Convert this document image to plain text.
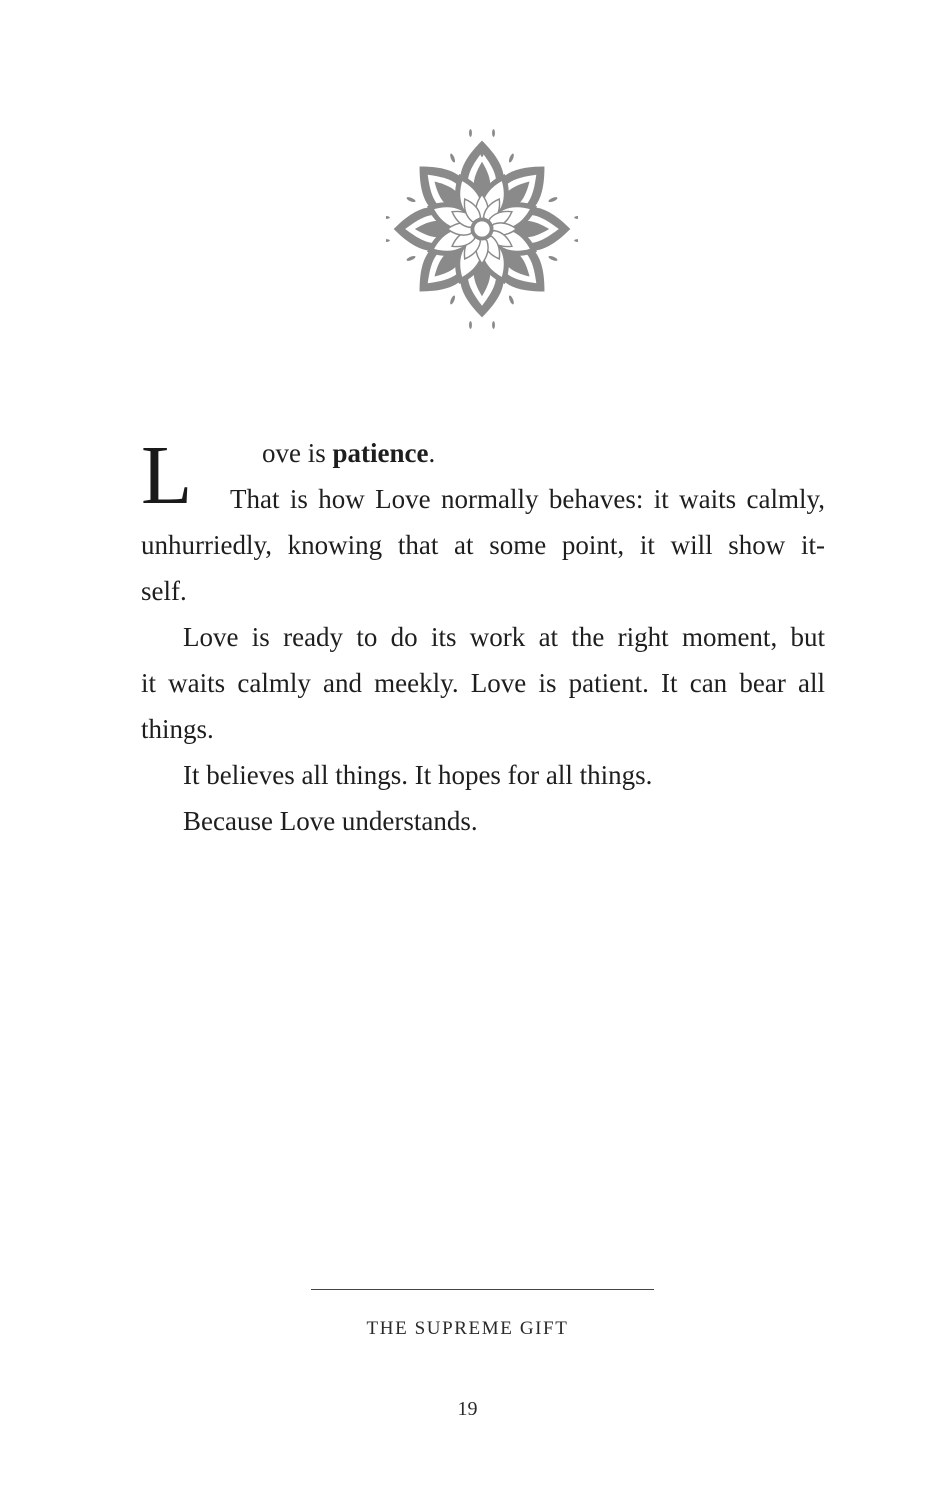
L	ove is patience.
That is how Love normally behaves: it waits calmly,
unhurriedly, knowing that at some point, it will show it-
self.
Love is ready to do its work at the right moment, but
it waits calmly and meekly. Love is patient. It can bear all
things.
It believes all things. It hopes for all things.
Because Love understands.
THE SUPREME GIFT
19
